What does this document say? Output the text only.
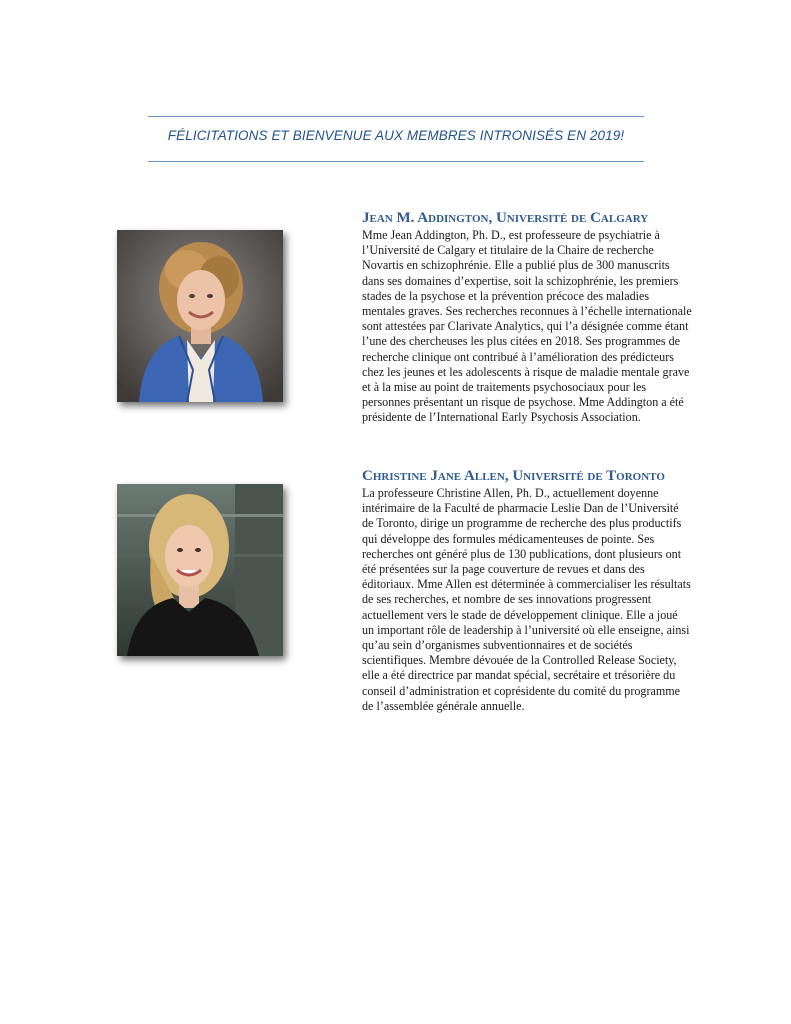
FÉLICITATIONS ET BIENVENUE AUX MEMBRES INTRONISÉS EN 2019!
Jean M. Addington, Université de Calgary

Mme Jean Addington, Ph. D., est professeure de psychiatrie à l’Université de Calgary et titulaire de la Chaire de recherche Novartis en schizophrénie. Elle a publié plus de 300 manuscrits dans ses domaines d’expertise, soit la schizophrénie, les premiers stades de la psychose et la prévention précoce des maladies mentales graves. Ses recherches reconnues à l’échelle internationale sont attestées par Clarivate Analytics, qui l’a désignée comme étant l’une des chercheuses les plus citées en 2018. Ses programmes de recherche clinique ont contribué à l’amélioration des prédicteurs chez les jeunes et les adolescents à risque de maladie mentale grave et à la mise au point de traitements psychosociaux pour les personnes présentant un risque de psychose. Mme Addington a été présidente de l’International Early Psychosis Association.

Christine Jane Allen, Université de Toronto

La professeure Christine Allen, Ph. D., actuellement doyenne intérimaire de la Faculté de pharmacie Leslie Dan de l’Université de Toronto, dirige un programme de recherche des plus productifs qui développe des formules médicamenteuses de pointe. Ses recherches ont généré plus de 130 publications, dont plusieurs ont été présentées sur la page couverture de revues et dans des éditoriaux. Mme Allen est déterminée à commercialiser les résultats de ses recherches, et nombre de ses innovations progressent actuellement vers le stade de développement clinique. Elle a joué un important rôle de leadership à l’université où elle enseigne, ainsi qu’au sein d’organismes subventionnaires et de sociétés scientifiques. Membre dévouée de la Controlled Release Society, elle a été directrice par mandat spécial, secrétaire et trésorière du conseil d’administration et coprésidente du comité du programme de l’assemblée générale annuelle.
